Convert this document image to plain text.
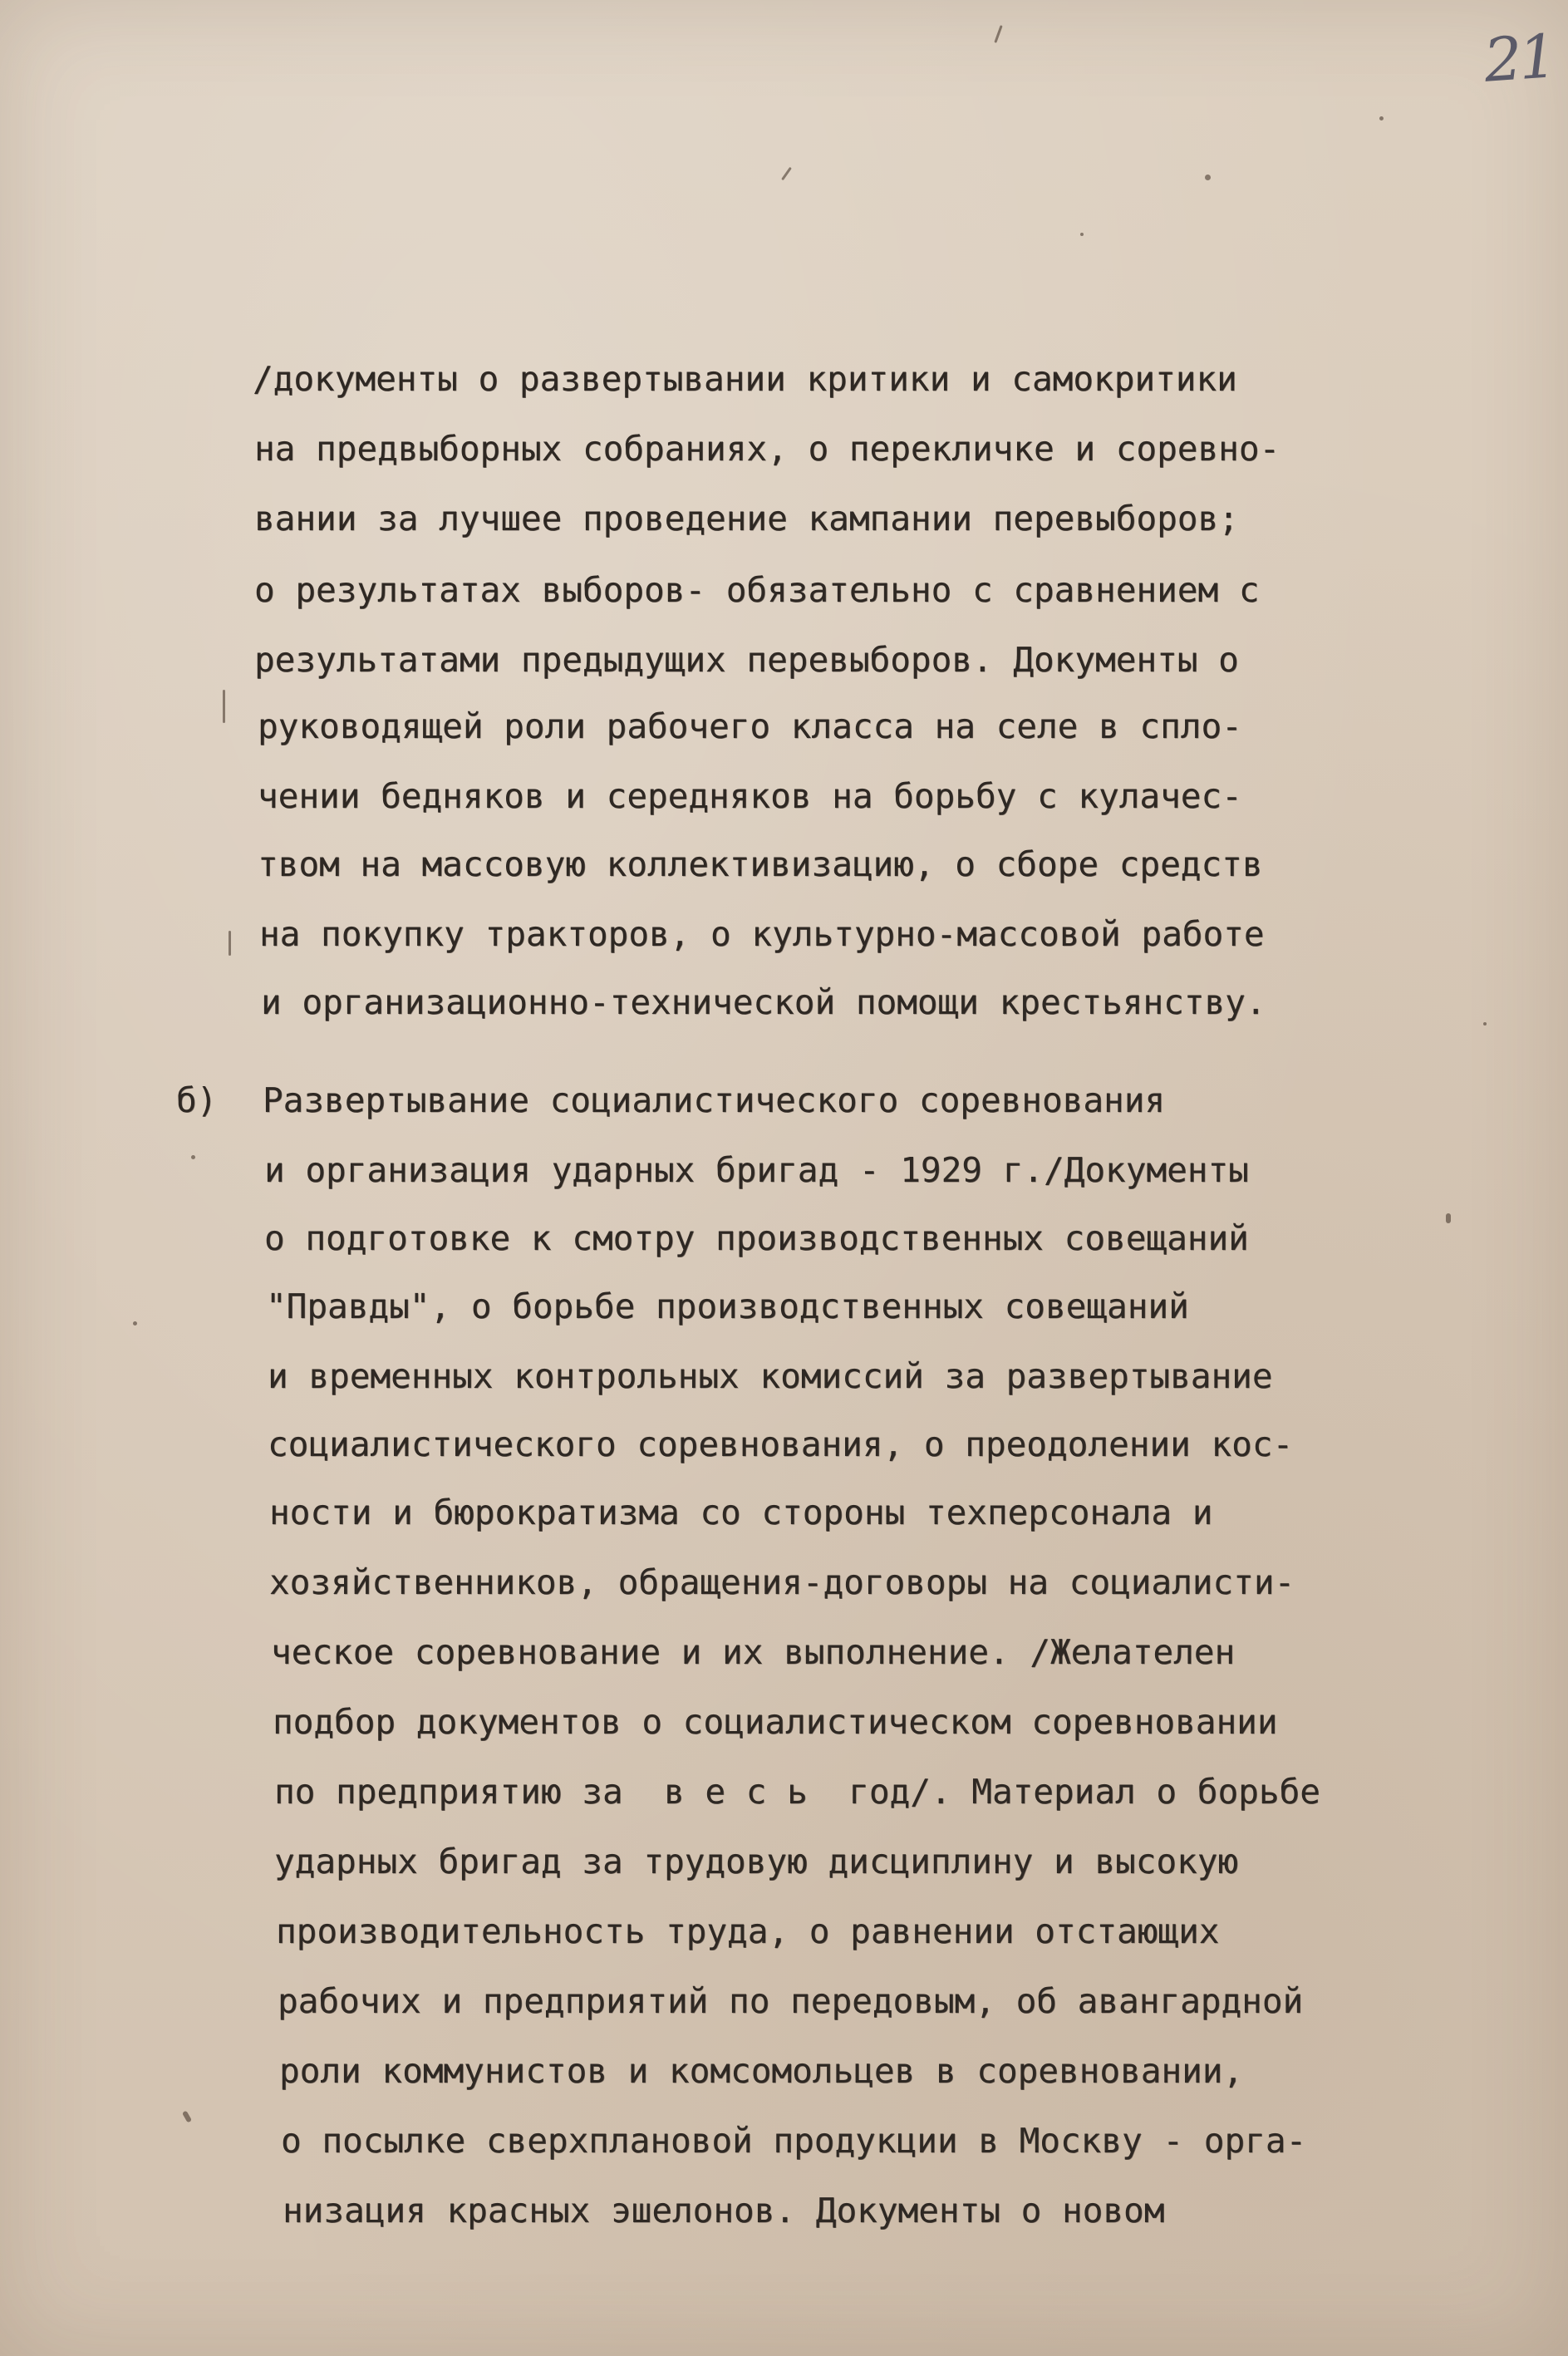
21
/документы о развертывании критики и самокритики
на предвыборных собраниях, о перекличке и соревно-
вании за лучшее проведение кампании перевыборов;
о результатах выборов- обязательно с сравнением с
результатами предыдущих перевыборов. Документы о
руководящей роли рабочего класса на селе в спло-
чении бедняков и середняков на борьбу с кулачес-
твом на массовую коллективизацию, о сборе средств
на покупку тракторов, о культурно-массовой работе
и организационно-технической помощи крестьянству.
б) Развертывание социалистического соревнования
и организация ударных бригад - 1929 г./Документы
о подготовке к смотру производственных совещаний
"Правды", о борьбе производственных совещаний
и временных контрольных комиссий за развертывание
социалистического соревнования, о преодолении кос-
ности и бюрократизма со стороны техперсонала и
хозяйственников, обращения-договоры на социалисти-
ческое соревнование и их выполнение. /Желателен
подбор документов о социалистическом соревновании
по предприятию за  в е с ь  год/. Материал о борьбе
ударных бригад за трудовую дисциплину и высокую
производительность труда, о равнении отстающих
рабочих и предприятий по передовым, об авангардной
роли коммунистов и комсомольцев в соревновании,
о посылке сверхплановой продукции в Москву - орга-
низация красных эшелонов. Документы о новом
